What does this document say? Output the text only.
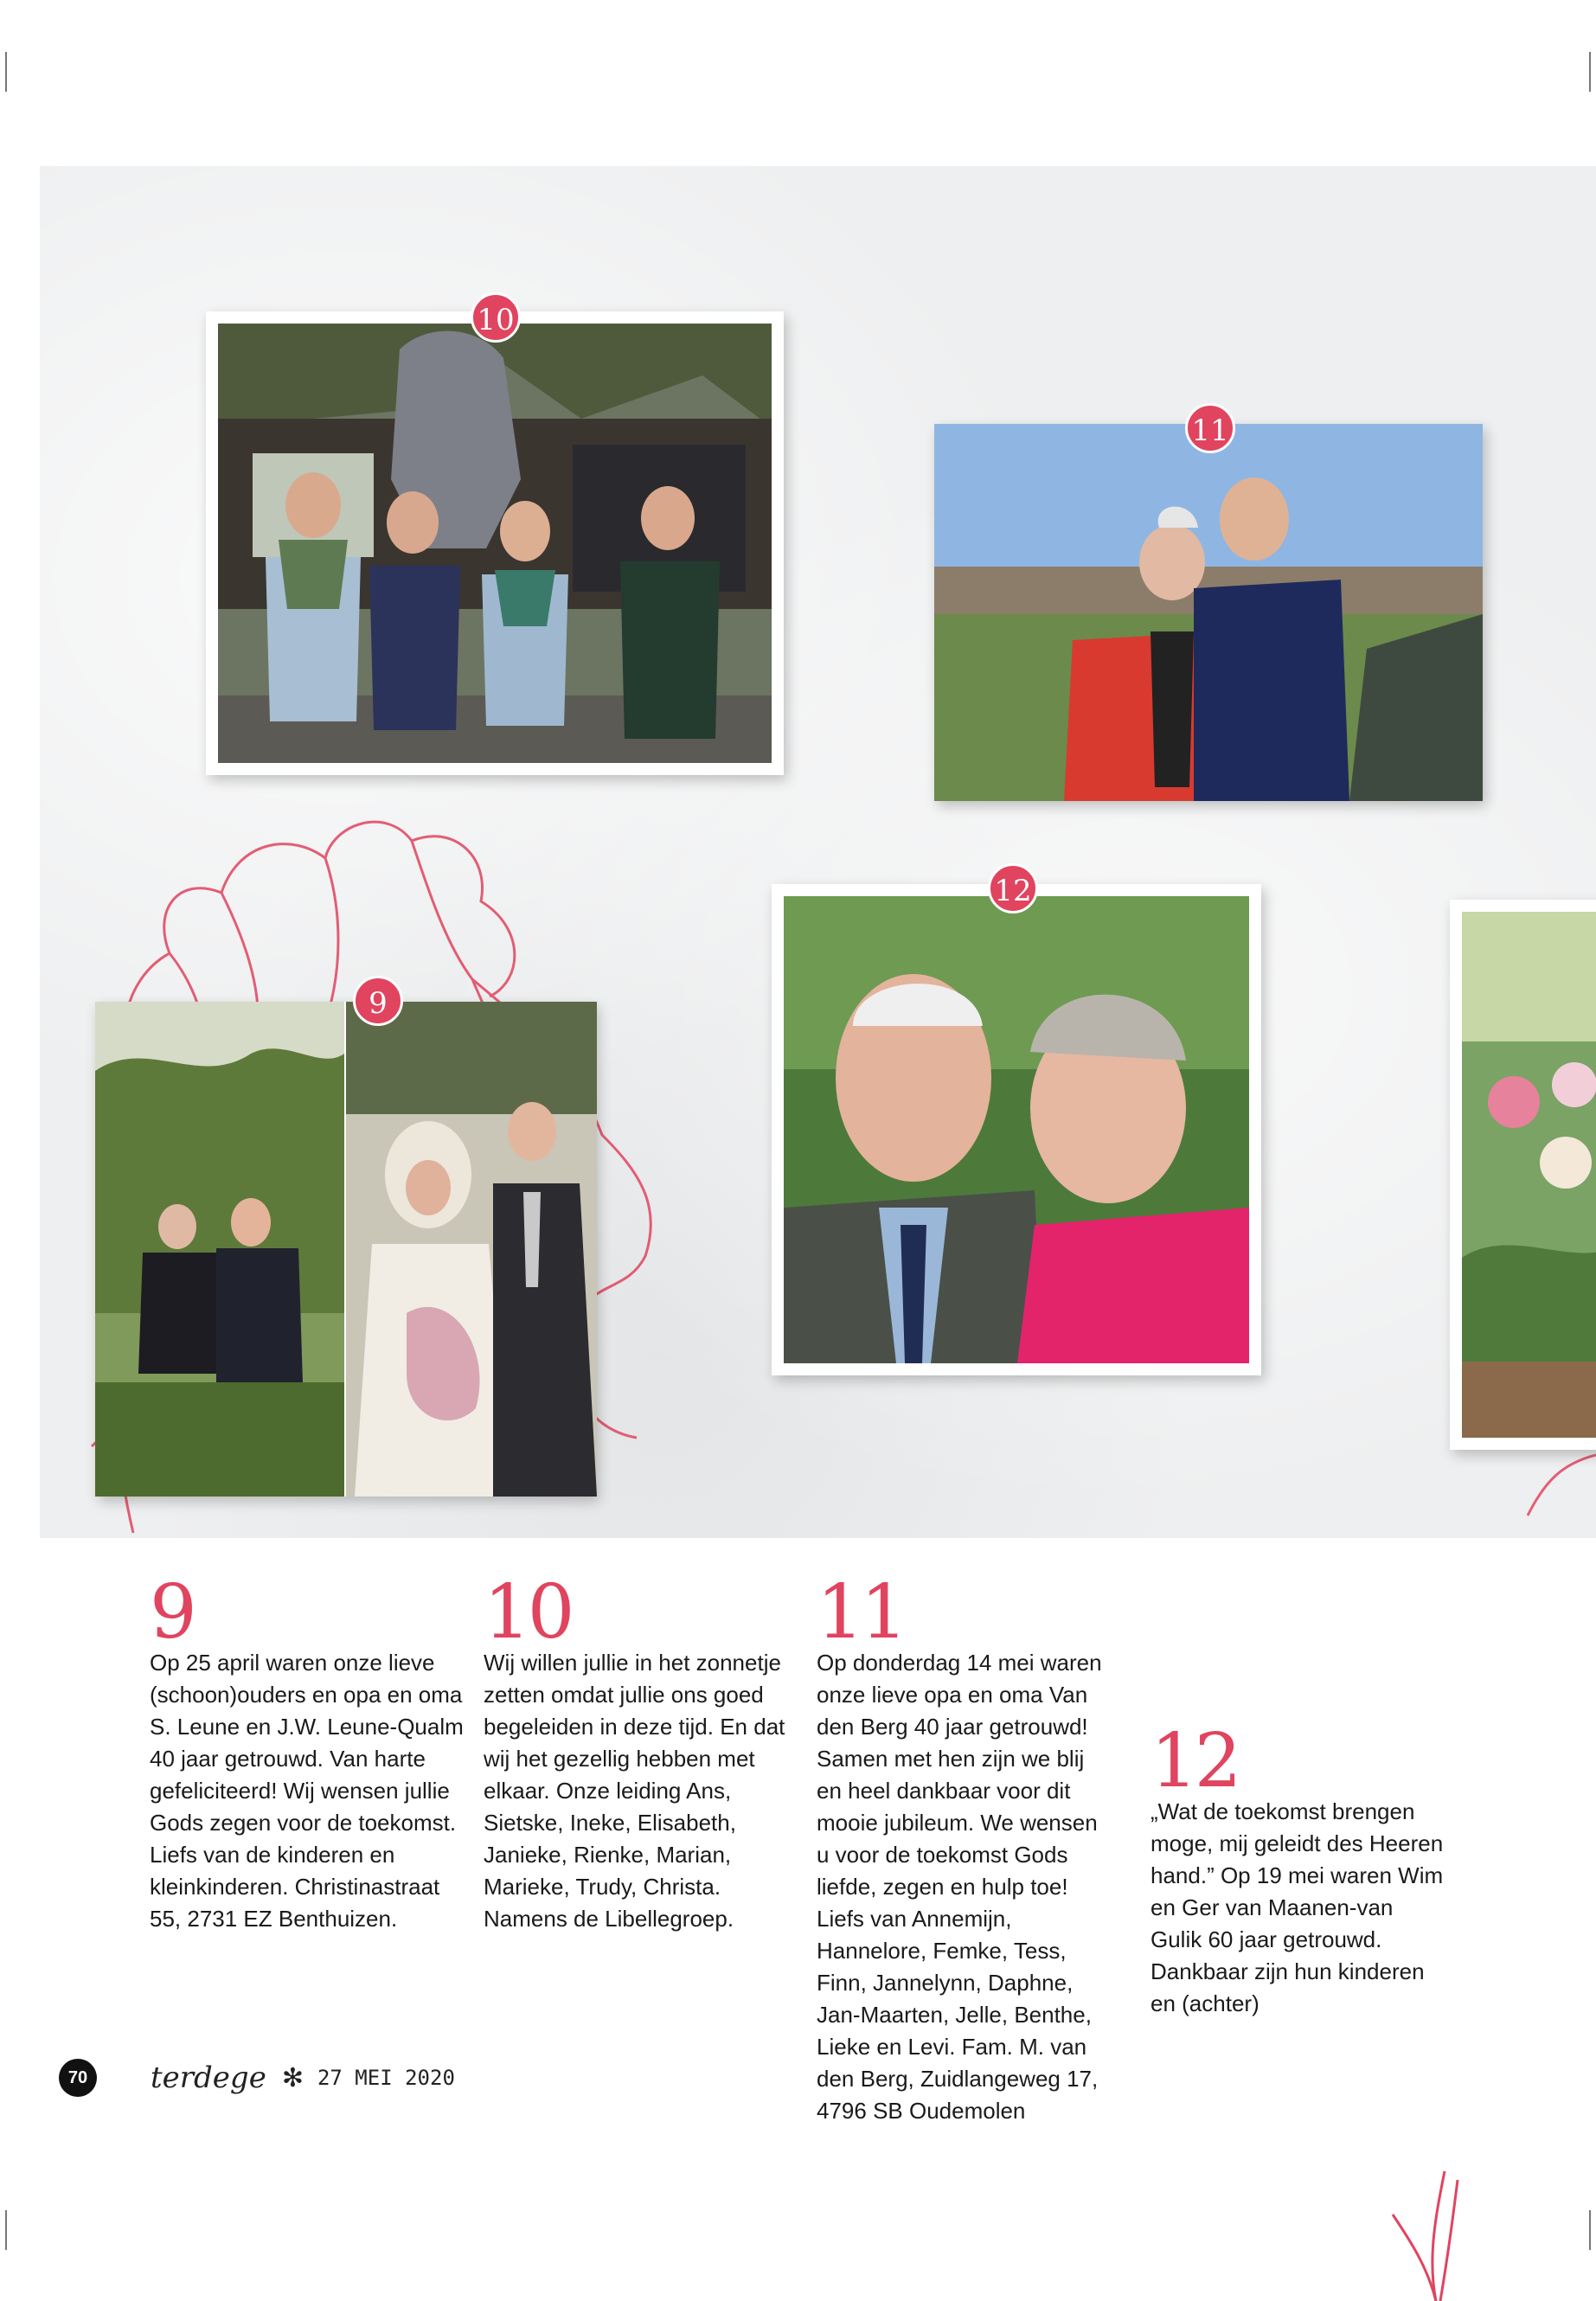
10
11
12
9
9
Op 25 april waren onze lieve (schoon)ouders en opa en oma S. Leune en J.W. Leune-Qualm 40 jaar getrouwd. Van harte gefeliciteerd! Wij wensen jullie Gods zegen voor de toekomst. Liefs van de kinderen en kleinkinderen. Christinastraat 55, 2731 EZ Benthuizen.
10
Wij willen jullie in het zonnetje zetten omdat jullie ons goed begeleiden in deze tijd. En dat wij het gezellig hebben met elkaar. Onze leiding Ans, Sietske, Ineke, Elisabeth, Janieke, Rienke, Marian, Marieke, Trudy, Christa. Namens de Libellegroep.
11
Op donderdag 14 mei waren onze lieve opa en oma Van den Berg 40 jaar getrouwd! Samen met hen zijn we blij en heel dankbaar voor dit mooie jubileum. We wensen u voor de toekomst Gods liefde, zegen en hulp toe! Liefs van Annemijn, Hannelore, Femke, Tess, Finn, Jannelynn, Daphne, Jan-Maarten, Jelle, Benthe, Lieke en Levi. Fam. M. van den Berg, Zuidlangeweg 17, 4796 SB Oudemolen
12
„Wat de toekomst brengen moge, mij geleidt des Heeren hand.” Op 19 mei waren Wim en Ger van Maanen-van Gulik 60 jaar getrouwd. Dankbaar zijn hun kinderen en (achter)
70	terdege ✻ 27 MEI 2020
